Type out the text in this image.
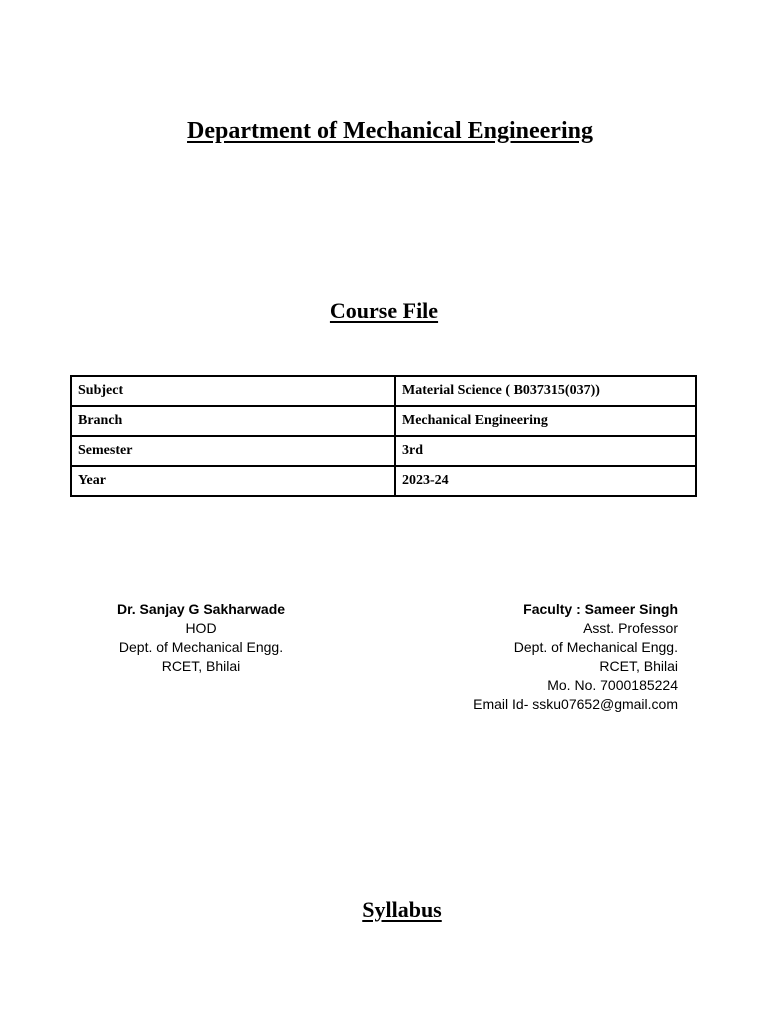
Department of Mechanical Engineering
Course File
Subject	Material Science ( B037315(037))
Branch	Mechanical Engineering
Semester	3rd
Year	2023-24
Dr. Sanjay G Sakharwade
HOD
Dept. of Mechanical Engg.
RCET, Bhilai
Faculty : Sameer Singh
Asst. Professor
Dept. of Mechanical Engg.
RCET, Bhilai
Mo. No. 7000185224
Email Id- ssku07652@gmail.com
Syllabus
